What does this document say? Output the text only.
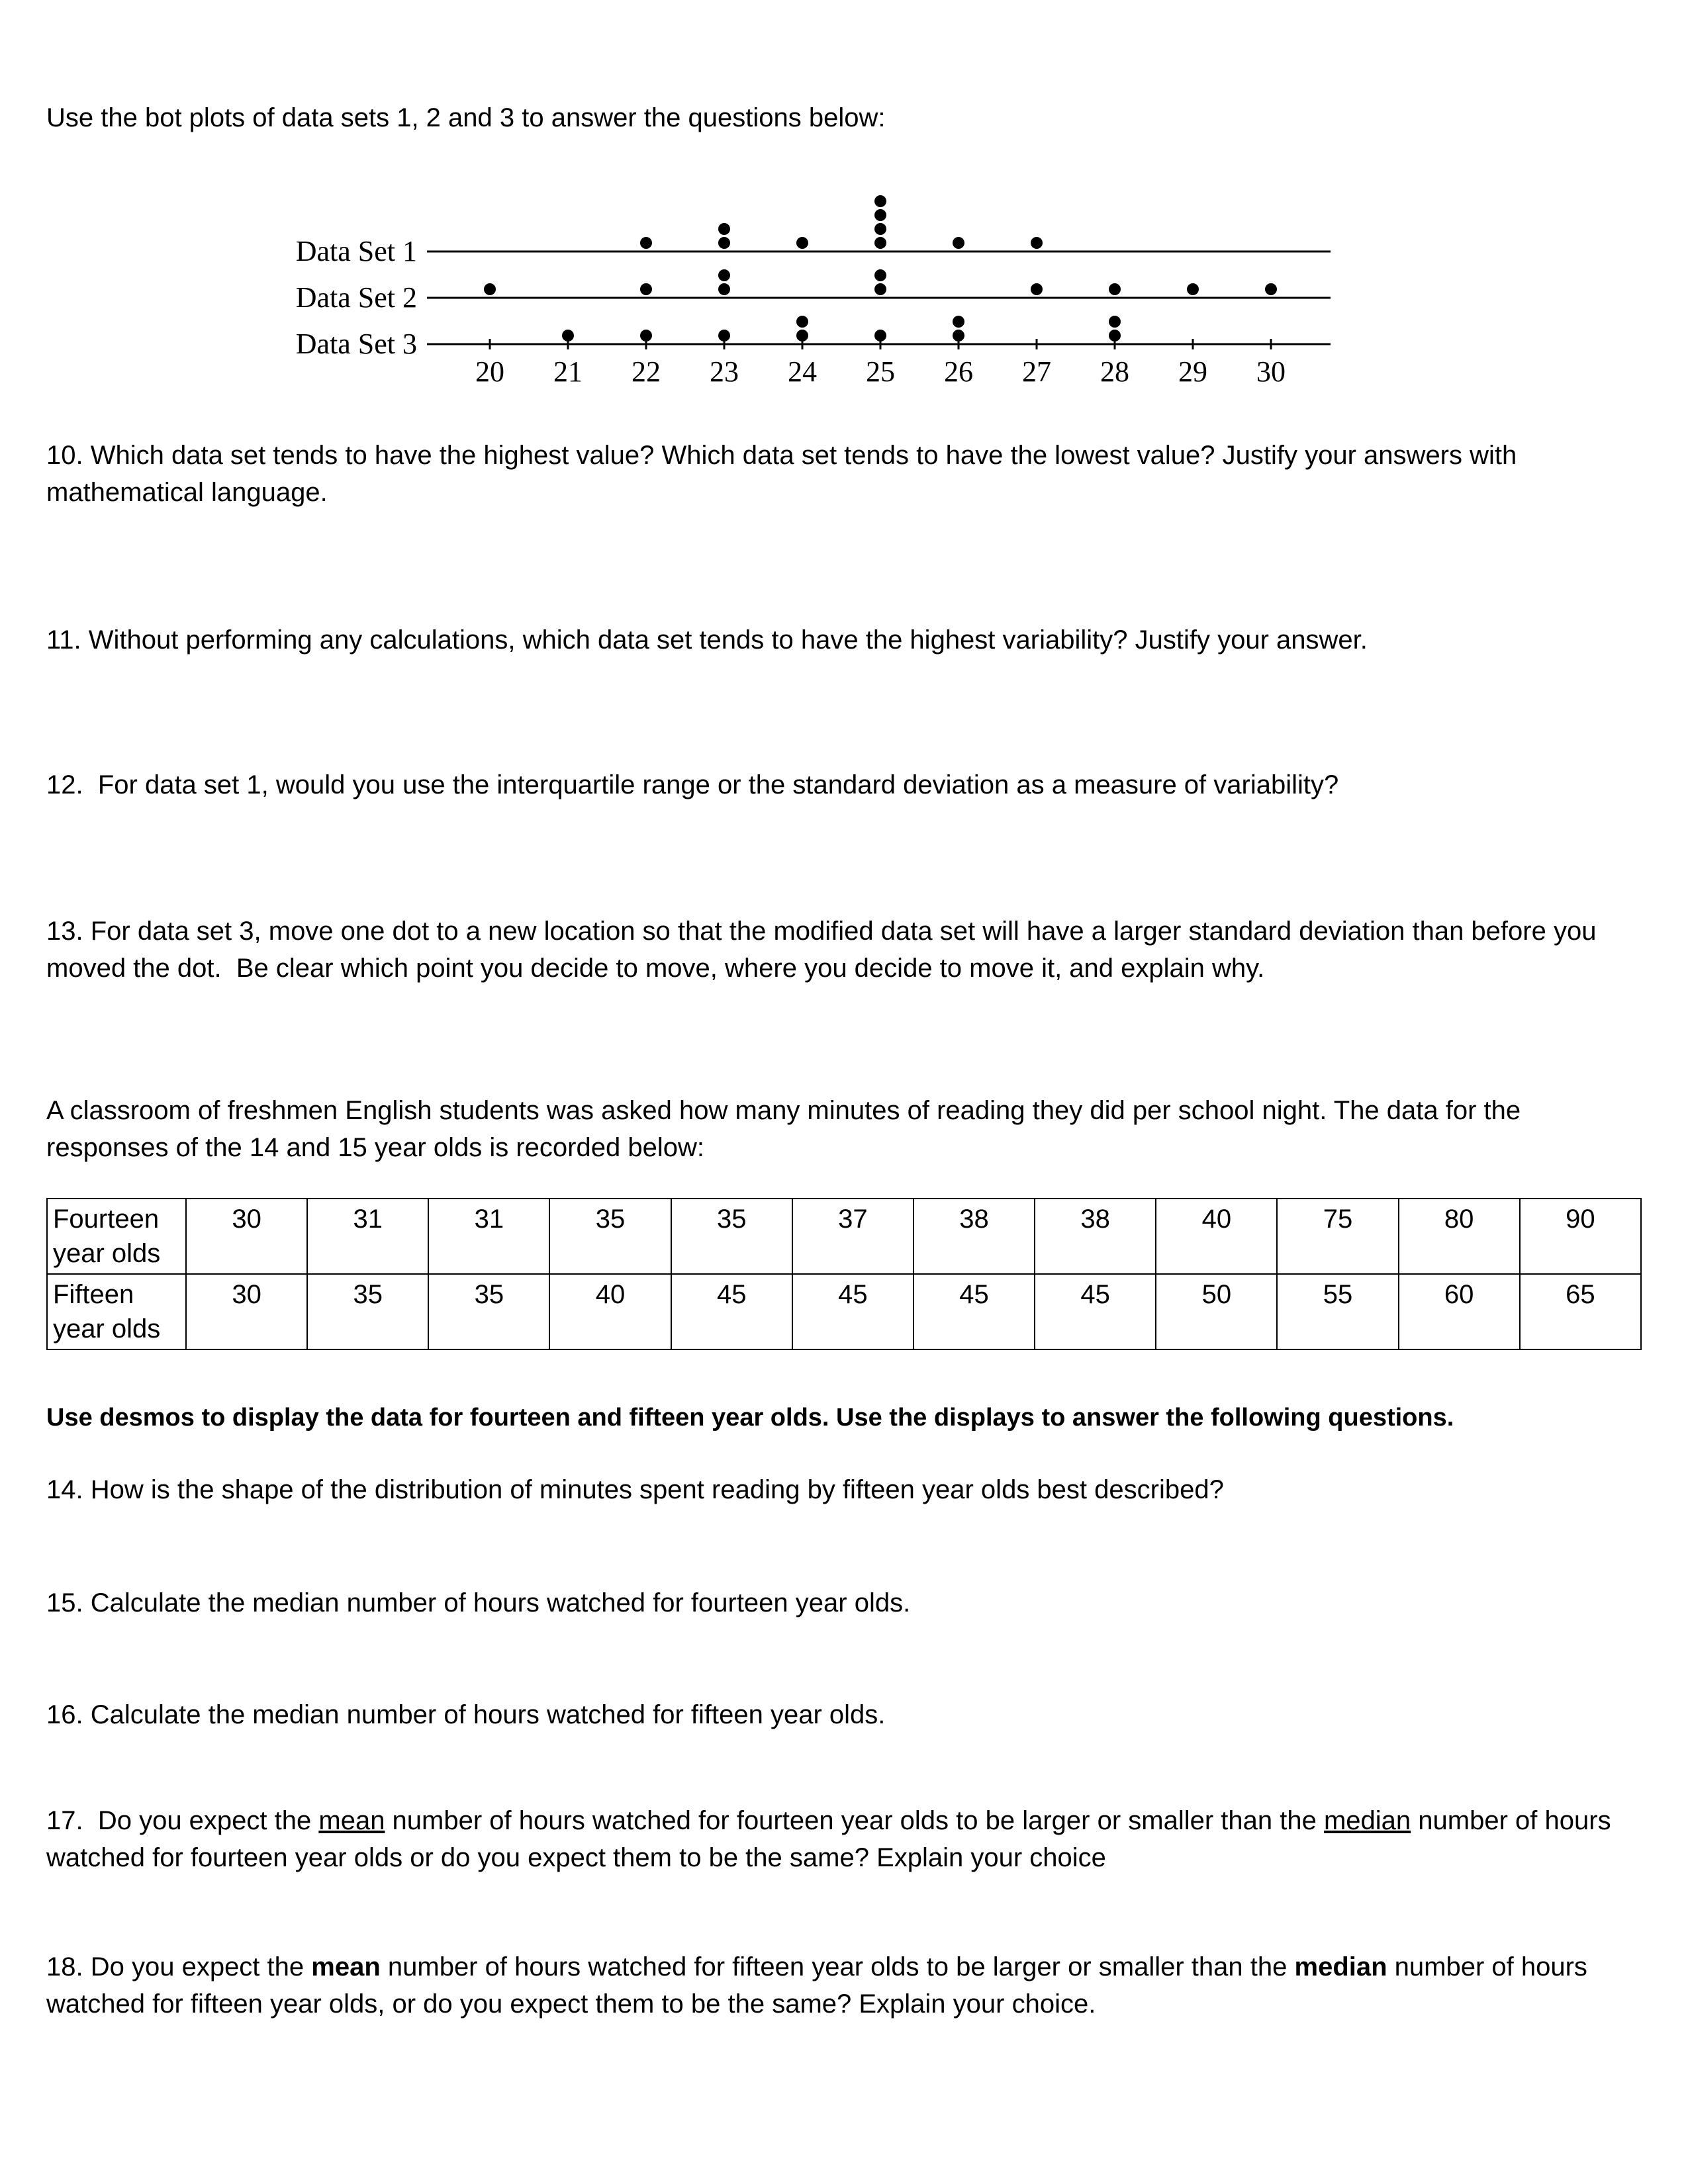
Use the bot plots of data sets 1, 2 and 3 to answer the questions below:

Data Set 1
Data Set 2
Data Set 3
20 21 22 23 24 25 26 27 28 29 30

10. Which data set tends to have the highest value? Which data set tends to have the lowest value? Justify your answers with mathematical language.

11. Without performing any calculations, which data set tends to have the highest variability? Justify your answer.

12.  For data set 1, would you use the interquartile range or the standard deviation as a measure of variability?

13. For data set 3, move one dot to a new location so that the modified data set will have a larger standard deviation than before you moved the dot.  Be clear which point you decide to move, where you decide to move it, and explain why.

A classroom of freshmen English students was asked how many minutes of reading they did per school night. The data for the responses of the 14 and 15 year olds is recorded below:

Fourteen year olds	30	31	31	35	35	37	38	38	40	75	80	90
Fifteen year olds	30	35	35	40	45	45	45	45	50	55	60	65

Use desmos to display the data for fourteen and fifteen year olds. Use the displays to answer the following questions.

14. How is the shape of the distribution of minutes spent reading by fifteen year olds best described?

15. Calculate the median number of hours watched for fourteen year olds.

16. Calculate the median number of hours watched for fifteen year olds.

17.  Do you expect the mean number of hours watched for fourteen year olds to be larger or smaller than the median number of hours watched for fourteen year olds or do you expect them to be the same? Explain your choice

18. Do you expect the mean number of hours watched for fifteen year olds to be larger or smaller than the median number of hours watched for fifteen year olds, or do you expect them to be the same? Explain your choice.
